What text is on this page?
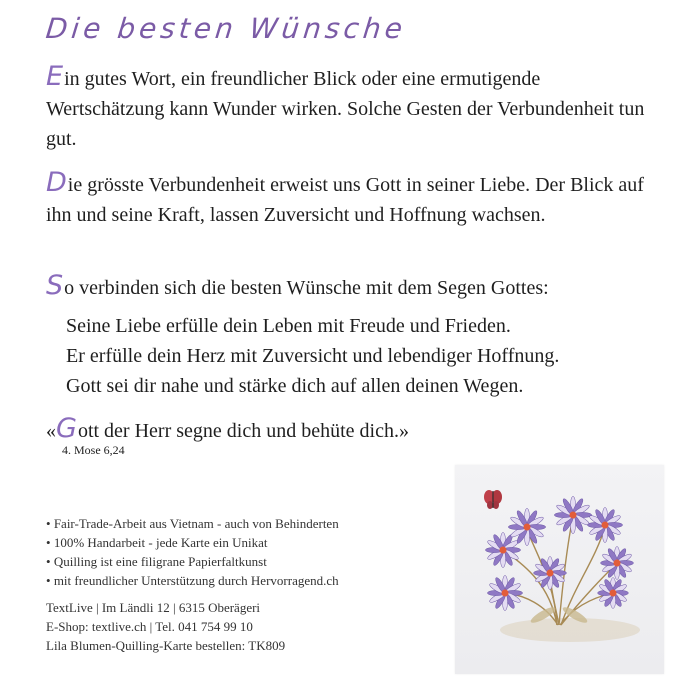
Die besten Wünsche
Ein gutes Wort, ein freundlicher Blick oder eine ermutigende Wertschätzung kann Wunder wirken. Solche Gesten der Verbundenheit tun gut.
Die grösste Verbundenheit erweist uns Gott in seiner Liebe. Der Blick auf ihn und seine Kraft, lassen Zuversicht und Hoffnung wachsen.
So verbinden sich die besten Wünsche mit dem Segen Gottes:
Seine Liebe erfülle dein Leben mit Freude und Frieden.
Er erfülle dein Herz mit Zuversicht und lebendiger Hoffnung.
Gott sei dir nahe und stärke dich auf allen deinen Wegen.
«Gott der Herr segne dich und behüte dich.»
4. Mose 6,24
• Fair-Trade-Arbeit aus Vietnam - auch von Behinderten
• 100% Handarbeit - jede Karte ein Unikat
• Quilling ist eine filigrane Papierfaltkunst
• mit freundlicher Unterstützung durch Hervorragend.ch
TextLive | Im Ländli 12 | 6315 Oberägeri
E-Shop: textlive.ch | Tel. 041 754 99 10
Lila Blumen-Quilling-Karte bestellen: TK809
